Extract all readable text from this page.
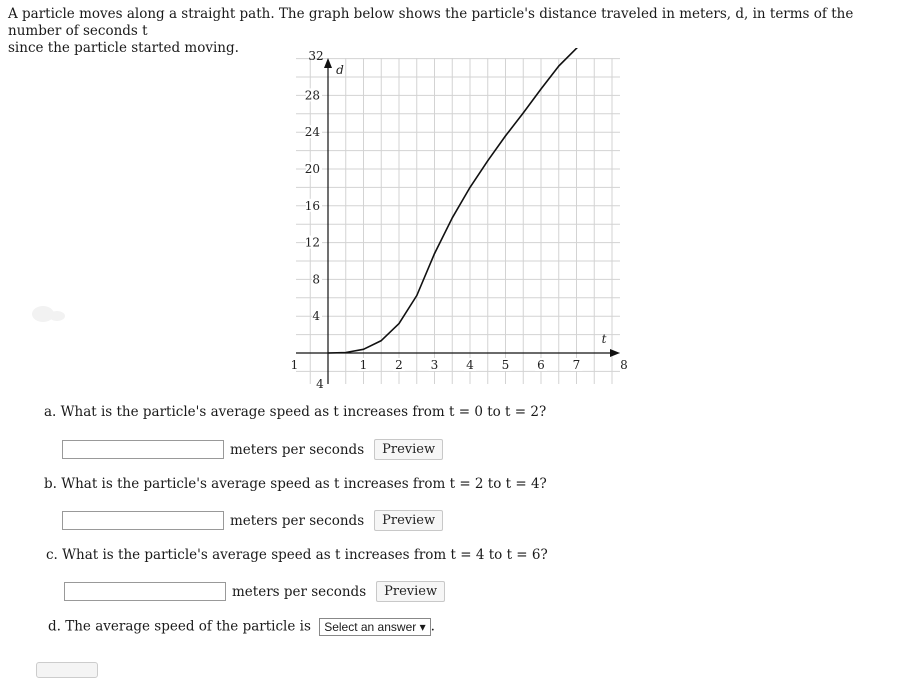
A particle moves along a straight path. The graph below shows the particle's distance traveled in meters, d, in terms of the number of seconds t
since the particle started moving.
4
8
12
16
20
24
28
32
1 2 3 4 5 6 7
1	8
4
d
t
a. What is the particle's average speed as t increases from t = 0 to t = 2?
meters per seconds	Preview
b. What is the particle's average speed as t increases from t = 2 to t = 4?
meters per seconds	Preview
c. What is the particle's average speed as t increases from t = 4 to t = 6?
meters per seconds	Preview
d. The average speed of the particle is Select an answer ▾ .
